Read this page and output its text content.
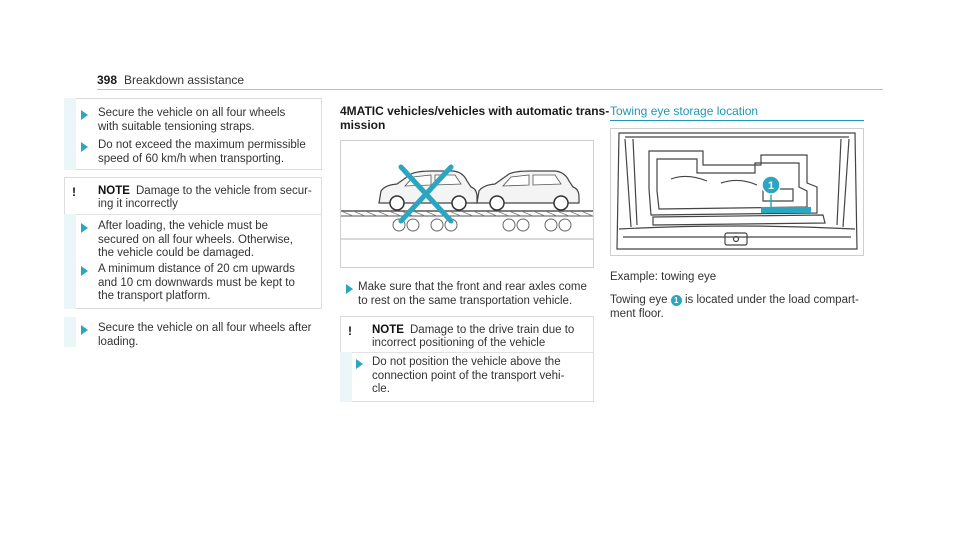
398 Breakdown assistance
Secure the vehicle on all four wheels
with suitable tensioning straps.
Do not exceed the maximum permissible
speed of 60 km/h when transporting.
! NOTE Damage to the vehicle from secur-
ing it incorrectly
After loading, the vehicle must be
secured on all four wheels. Otherwise,
the vehicle could be damaged.
A minimum distance of 20 cm upwards
and 10 cm downwards must be kept to
the transport platform.
Secure the vehicle on all four wheels after
loading.
4MATIC vehicles/vehicles with automatic trans-
mission
Make sure that the front and rear axles come
to rest on the same transportation vehicle.
! NOTE Damage to the drive train due to
incorrect positioning of the vehicle
Do not position the vehicle above the
connection point of the transport vehi-
cle.
Towing eye storage location
1
Example: towing eye
Towing eye 1 is located under the load compart-
ment floor.
